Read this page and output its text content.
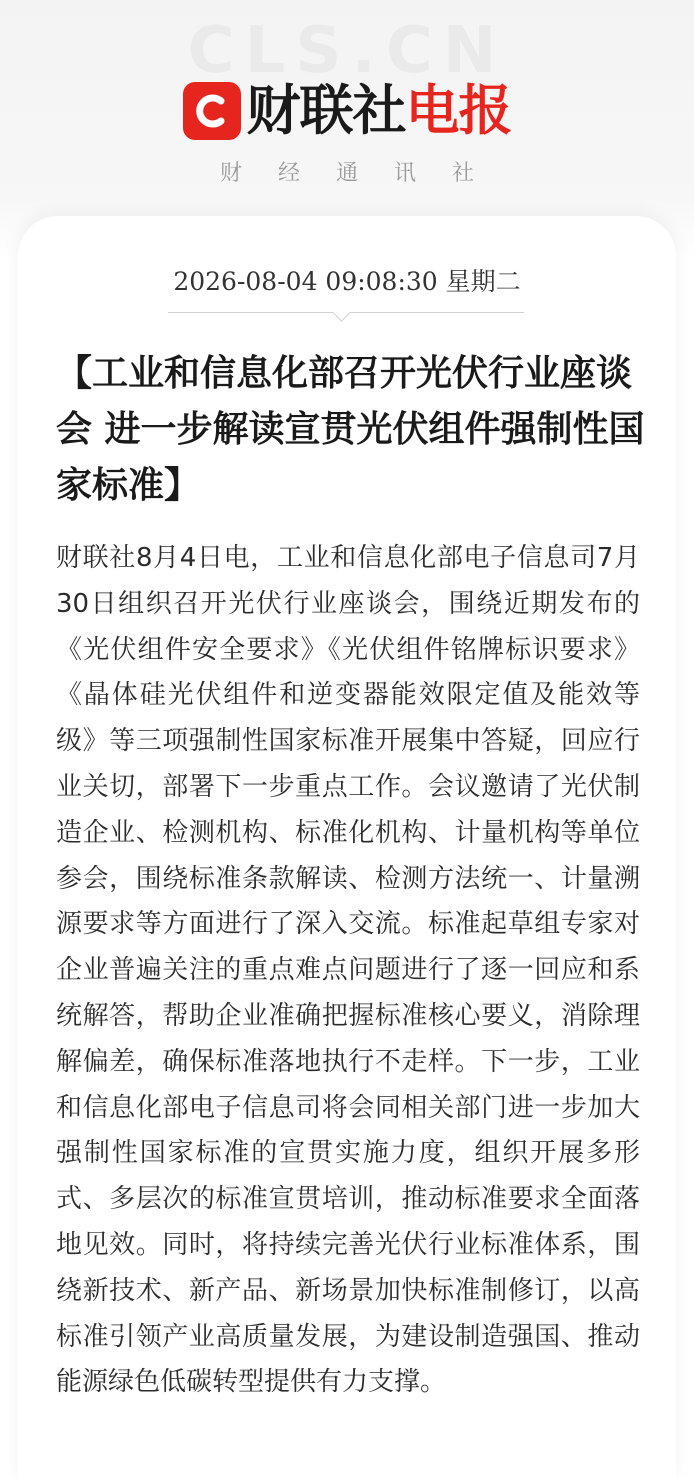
财联社 电报
财经通讯社
2026-08-04 09:08:30 星期二
【工业和信息化部召开光伏行业座谈会 进一步解读宣贯光伏组件强制性国家标准】

财联社8月4日电，工业和信息化部电子信息司7月30日组织召开光伏行业座谈会，围绕近期发布的《光伏组件安全要求》《光伏组件铭牌标识要求》《晶体硅光伏组件和逆变器能效限定值及能效等级》等三项强制性国家标准开展集中答疑，回应行业关切，部署下一步重点工作。会议邀请了光伏制造企业、检测机构、标准化机构、计量机构等单位参会，围绕标准条款解读、检测方法统一、计量溯源要求等方面进行了深入交流。标准起草组专家对企业普遍关注的重点难点问题进行了逐一回应和系统解答，帮助企业准确把握标准核心要义，消除理解偏差，确保标准落地执行不走样。下一步，工业和信息化部电子信息司将会同相关部门进一步加大强制性国家标准的宣贯实施力度，组织开展多形式、多层次的标准宣贯培训，推动标准要求全面落地见效。同时，将持续完善光伏行业标准体系，围绕新技术、新产品、新场景加快标准制修订，以高标准引领产业高质量发展，为建设制造强国、推动能源绿色低碳转型提供有力支撑。
